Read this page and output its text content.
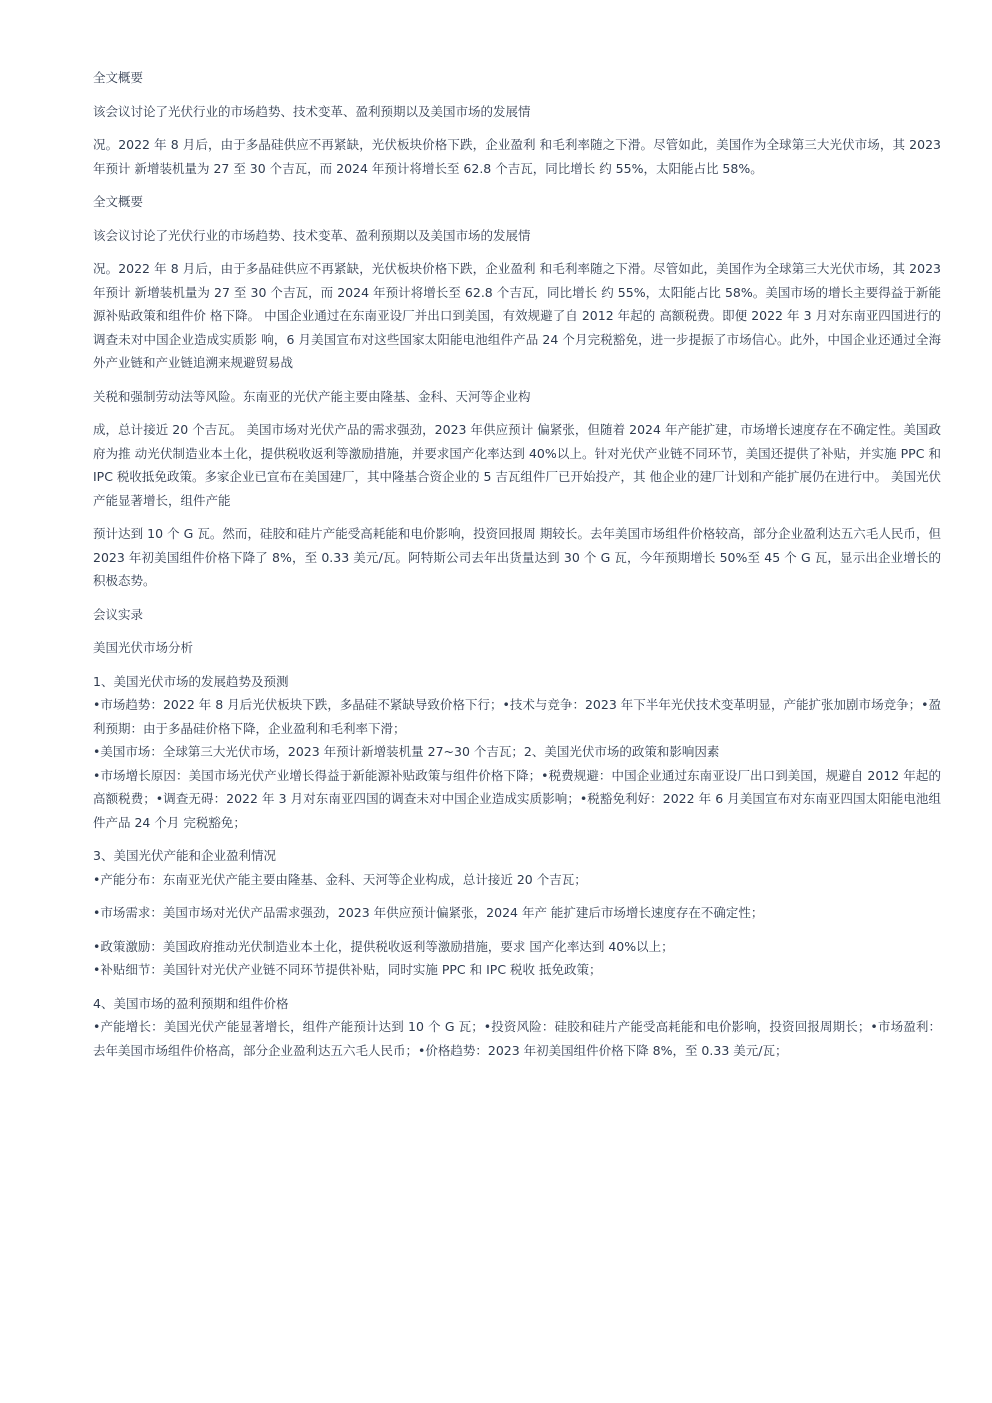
全文概要

该会议讨论了光伏行业的市场趋势、技术变革、盈利预期以及美国市场的发展情

况。2022 年 8 月后，由于多晶硅供应不再紧缺，光伏板块价格下跌，企业盈利 和毛利率随之下滑。尽管如此，美国作为全球第三大光伏市场，其 2023 年预计 新增装机量为 27 至 30 个吉瓦，而 2024 年预计将增长至 62.8 个吉瓦，同比增长 约 55%，太阳能占比 58%。

全文概要

该会议讨论了光伏行业的市场趋势、技术变革、盈利预期以及美国市场的发展情

况。2022 年 8 月后，由于多晶硅供应不再紧缺，光伏板块价格下跌，企业盈利 和毛利率随之下滑。尽管如此，美国作为全球第三大光伏市场，其 2023 年预计 新增装机量为 27 至 30 个吉瓦，而 2024 年预计将增长至 62.8 个吉瓦，同比增长 约 55%，太阳能占比 58%。美国市场的增长主要得益于新能源补贴政策和组件价 格下降。 中国企业通过在东南亚设厂并出口到美国，有效规避了自 2012 年起的 高额税费。即便 2022 年 3 月对东南亚四国进行的调查未对中国企业造成实质影 响，6 月美国宣布对这些国家太阳能电池组件产品 24 个月完税豁免，进一步提振了市场信心。此外，中国企业还通过全海外产业链和产业链追溯来规避贸易战

关税和强制劳动法等风险。东南亚的光伏产能主要由隆基、金科、天河等企业构

成，总计接近 20 个吉瓦。 美国市场对光伏产品的需求强劲，2023 年供应预计 偏紧张，但随着 2024 年产能扩建，市场增长速度存在不确定性。美国政府为推 动光伏制造业本土化，提供税收返利等激励措施，并要求国产化率达到 40%以上。针对光伏产业链不同环节，美国还提供了补贴，并实施 PPC 和 IPC 税收抵免政策。多家企业已宣布在美国建厂，其中隆基合资企业的 5 吉瓦组件厂已开始投产，其 他企业的建厂计划和产能扩展仍在进行中。 美国光伏产能显著增长，组件产能

预计达到 10 个 G 瓦。然而，硅胶和硅片产能受高耗能和电价影响，投资回报周 期较长。去年美国市场组件价格较高，部分企业盈利达五六毛人民币，但 2023 年初美国组件价格下降了 8%，至 0.33 美元/瓦。阿特斯公司去年出货量达到 30 个 G 瓦，今年预期增长 50%至 45 个 G 瓦，显示出企业增长的积极态势。

会议实录

美国光伏市场分析

1、美国光伏市场的发展趋势及预测

•市场趋势：2022 年 8 月后光伏板块下跌，多晶硅不紧缺导致价格下行；•技术与竞争：2023 年下半年光伏技术变革明显，产能扩张加剧市场竞争；•盈利预期：由于多晶硅价格下降，企业盈利和毛利率下滑；

•美国市场：全球第三大光伏市场，2023 年预计新增装机量 27~30 个吉瓦；2、美国光伏市场的政策和影响因素

•市场增长原因：美国市场光伏产业增长得益于新能源补贴政策与组件价格下降；•税费规避：中国企业通过东南亚设厂出口到美国，规避自 2012 年起的高额税费；•调查无碍：2022 年 3 月对东南亚四国的调查未对中国企业造成实质影响；•税豁免利好：2022 年 6 月美国宣布对东南亚四国太阳能电池组件产品 24 个月 完税豁免；

3、美国光伏产能和企业盈利情况

•产能分布：东南亚光伏产能主要由隆基、金科、天河等企业构成，总计接近 20 个吉瓦；

•市场需求：美国市场对光伏产品需求强劲，2023 年供应预计偏紧张，2024 年产 能扩建后市场增长速度存在不确定性；

•政策激励：美国政府推动光伏制造业本土化，提供税收返利等激励措施，要求 国产化率达到 40%以上；

•补贴细节：美国针对光伏产业链不同环节提供补贴，同时实施 PPC 和 IPC 税收 抵免政策；

4、美国市场的盈利预期和组件价格

•产能增长：美国光伏产能显著增长，组件产能预计达到 10 个 G 瓦；•投资风险：硅胶和硅片产能受高耗能和电价影响，投资回报周期长；•市场盈利：去年美国市场组件价格高，部分企业盈利达五六毛人民币；•价格趋势：2023 年初美国组件价格下降 8%，至 0.33 美元/瓦；
